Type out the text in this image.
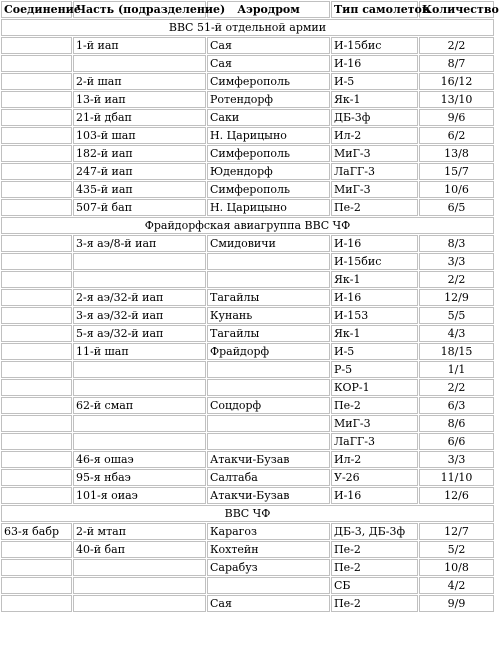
Соединение	Часть (подразделение)	Аэродром	Тип самолетов	Количество
ВВС 51-й отдельной армии				
	1-й иап	Сая	И-15бис	2/2
		Сая	И-16	8/7
	2-й шап	Симферополь	И-5	16/12
	13-й иап	Ротендорф	Як-1	13/10
	21-й дбап	Саки	ДБ-3ф	9/6
	103-й шап	Н. Царицыно	Ил-2	6/2
	182-й иап	Симферополь	МиГ-3	13/8
	247-й иап	Юдендорф	ЛаГГ-3	15/7
	435-й иап	Симферополь	МиГ-3	10/6
	507-й бап	Н. Царицыно	Пе-2	6/5
Фрайдорфская авиагруппа ВВС ЧФ				
	3-я аэ/8-й иап	Смидовичи	И-16	8/3
			И-15бис	3/3
			Як-1	2/2
	2-я аэ/32-й иап	Тагайлы	И-16	12/9
	3-я аэ/32-й иап	Кунань	И-153	5/5
	5-я аэ/32-й иап	Тагайлы	Як-1	4/3
	11-й шап	Фрайдорф	И-5	18/15
			Р-5	1/1
			КОР-1	2/2
	62-й смап	Соцдорф	Пе-2	6/3
			МиГ-3	8/6
			ЛаГГ-3	6/6
	46-я ошаэ	Атакчи-Бузав	Ил-2	3/3
	95-я нбаэ	Салтаба	У-26	11/10
	101-я оиаэ	Атакчи-Бузав	И-16	12/6
ВВС ЧФ				
63-я бабр	2-й мтап	Карагоз	ДБ-3, ДБ-3ф	12/7
	40-й бап	Кохтейн	Пе-2	5/2
		Сарабуз	Пе-2	10/8
			СБ	4/2
		Сая	Пе-2	9/9
